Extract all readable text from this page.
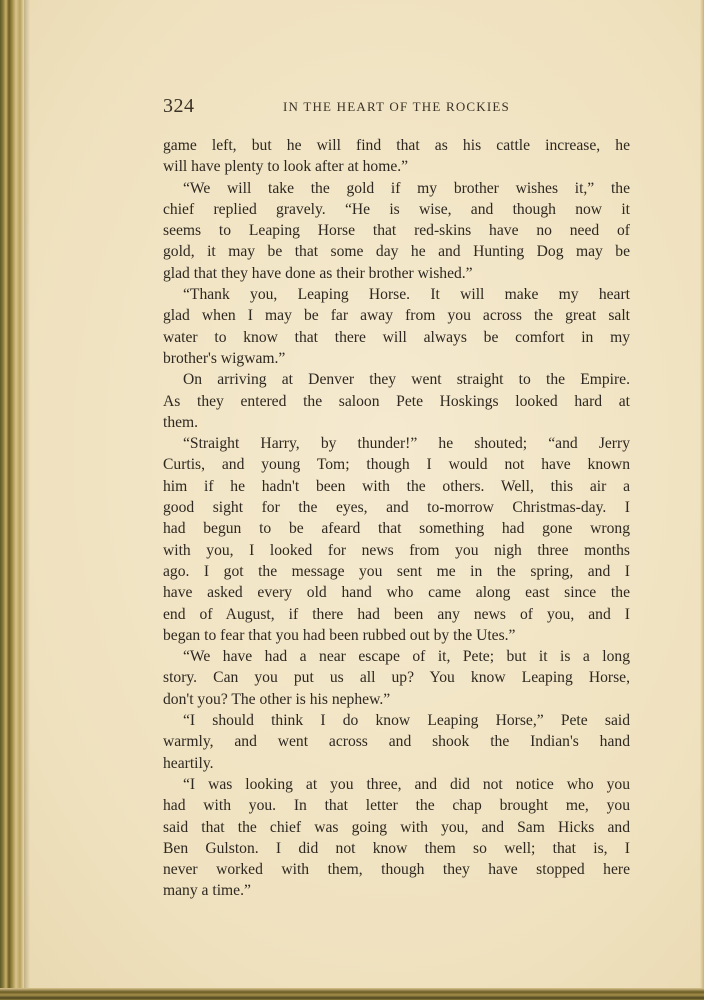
324	IN THE HEART OF THE ROCKIES
game left, but he will find that as his cattle increase, he
will have plenty to look after at home.”
“We will take the gold if my brother wishes it,” the
chief replied gravely. “He is wise, and though now it
seems to Leaping Horse that red-skins have no need of
gold, it may be that some day he and Hunting Dog may be
glad that they have done as their brother wished.”
“Thank you, Leaping Horse. It will make my heart
glad when I may be far away from you across the great salt
water to know that there will always be comfort in my
brother's wigwam.”
On arriving at Denver they went straight to the Empire.
As they entered the saloon Pete Hoskings looked hard at
them.
“Straight Harry, by thunder!” he shouted; “and Jerry
Curtis, and young Tom; though I would not have known
him if he hadn't been with the others. Well, this air a
good sight for the eyes, and to-morrow Christmas-day. I
had begun to be afeard that something had gone wrong
with you, I looked for news from you nigh three months
ago. I got the message you sent me in the spring, and I
have asked every old hand who came along east since the
end of August, if there had been any news of you, and I
began to fear that you had been rubbed out by the Utes.”
“We have had a near escape of it, Pete; but it is a long
story. Can you put us all up? You know Leaping Horse,
don't you? The other is his nephew.”
“I should think I do know Leaping Horse,” Pete said
warmly, and went across and shook the Indian's hand
heartily.
“I was looking at you three, and did not notice who you
had with you. In that letter the chap brought me, you
said that the chief was going with you, and Sam Hicks and
Ben Gulston. I did not know them so well; that is, I
never worked with them, though they have stopped here
many a time.”
